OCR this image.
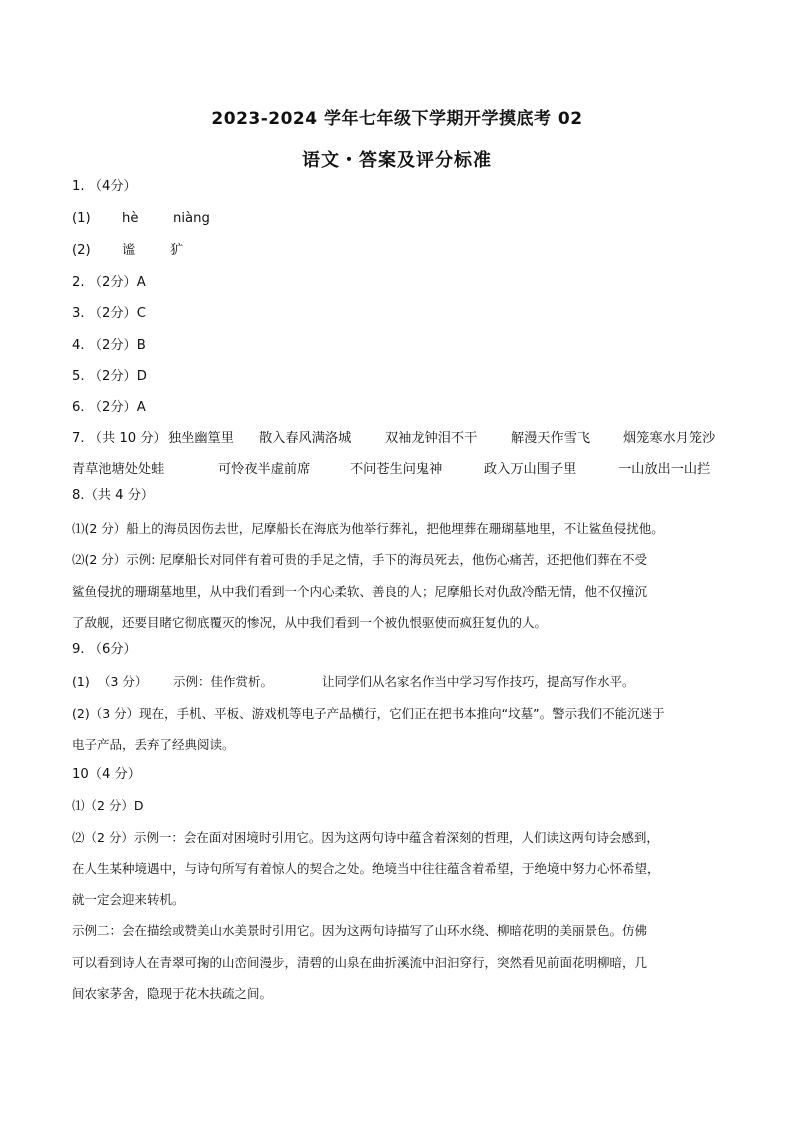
2023-2024 学年七年级下学期开学摸底考 02
语文・答案及评分标准
1. （4分）
(1) hè	niàng
(2) 谧	犷
2. （2分）A
3. （2分）C
4. （2分）B
5. （2分）D
6. （2分）A
7. （共 10 分） 独坐幽篁里 散入春风满洛城	双袖龙钟泪不干	解漫天作雪飞 烟笼寒水月笼沙
青草池塘处处蛙	可怜夜半虚前席	不问苍生问鬼神	政入万山围子里	一山放出一山拦
8.（共 4 分）
⑴(2 分）船上的海员因伤去世，尼摩船长在海底为他举行葬礼，把他埋葬在珊瑚墓地里，不让鲨鱼侵扰他。
⑵(2 分）示例: 尼摩船长对同伴有着可贵的手足之情，手下的海员死去，他伤心痛苦，还把他们葬在不受
鲨鱼侵扰的珊瑚墓地里，从中我们看到一个内心柔软、善良的人；尼摩船长对仇敌冷酷无情，他不仅撞沉
了敌舰，还要目睹它彻底覆灭的惨况，从中我们看到一个被仇恨驱使而疯狂复仇的人。
9. （6分）
(1) （3 分） 示例：佳作赏析。	让同学们从名家名作当中学习写作技巧，提高写作水平。
(2)（3 分）现在，手机、平板、游戏机等电子产品横行，它们正在把书本推向“坟墓”。警示我们不能沉迷于
电子产品，丢弃了经典阅读。
10（4 分）
⑴（2 分）D
⑵（2 分）示例一：会在面对困境时引用它。因为这两句诗中蕴含着深刻的哲理，人们读这两句诗会感到，
在人生某种境遇中，与诗句所写有着惊人的契合之处。绝境当中往往蕴含着希望，于绝境中努力心怀希望，
就一定会迎来转机。
示例二：会在描绘或赞美山水美景时引用它。因为这两句诗描写了山环水绕、柳暗花明的美丽景色。仿佛
可以看到诗人在青翠可掬的山峦间漫步，清碧的山泉在曲折溪流中汩汩穿行，突然看见前面花明柳暗，几
间农家茅舍，隐现于花木扶疏之间。
